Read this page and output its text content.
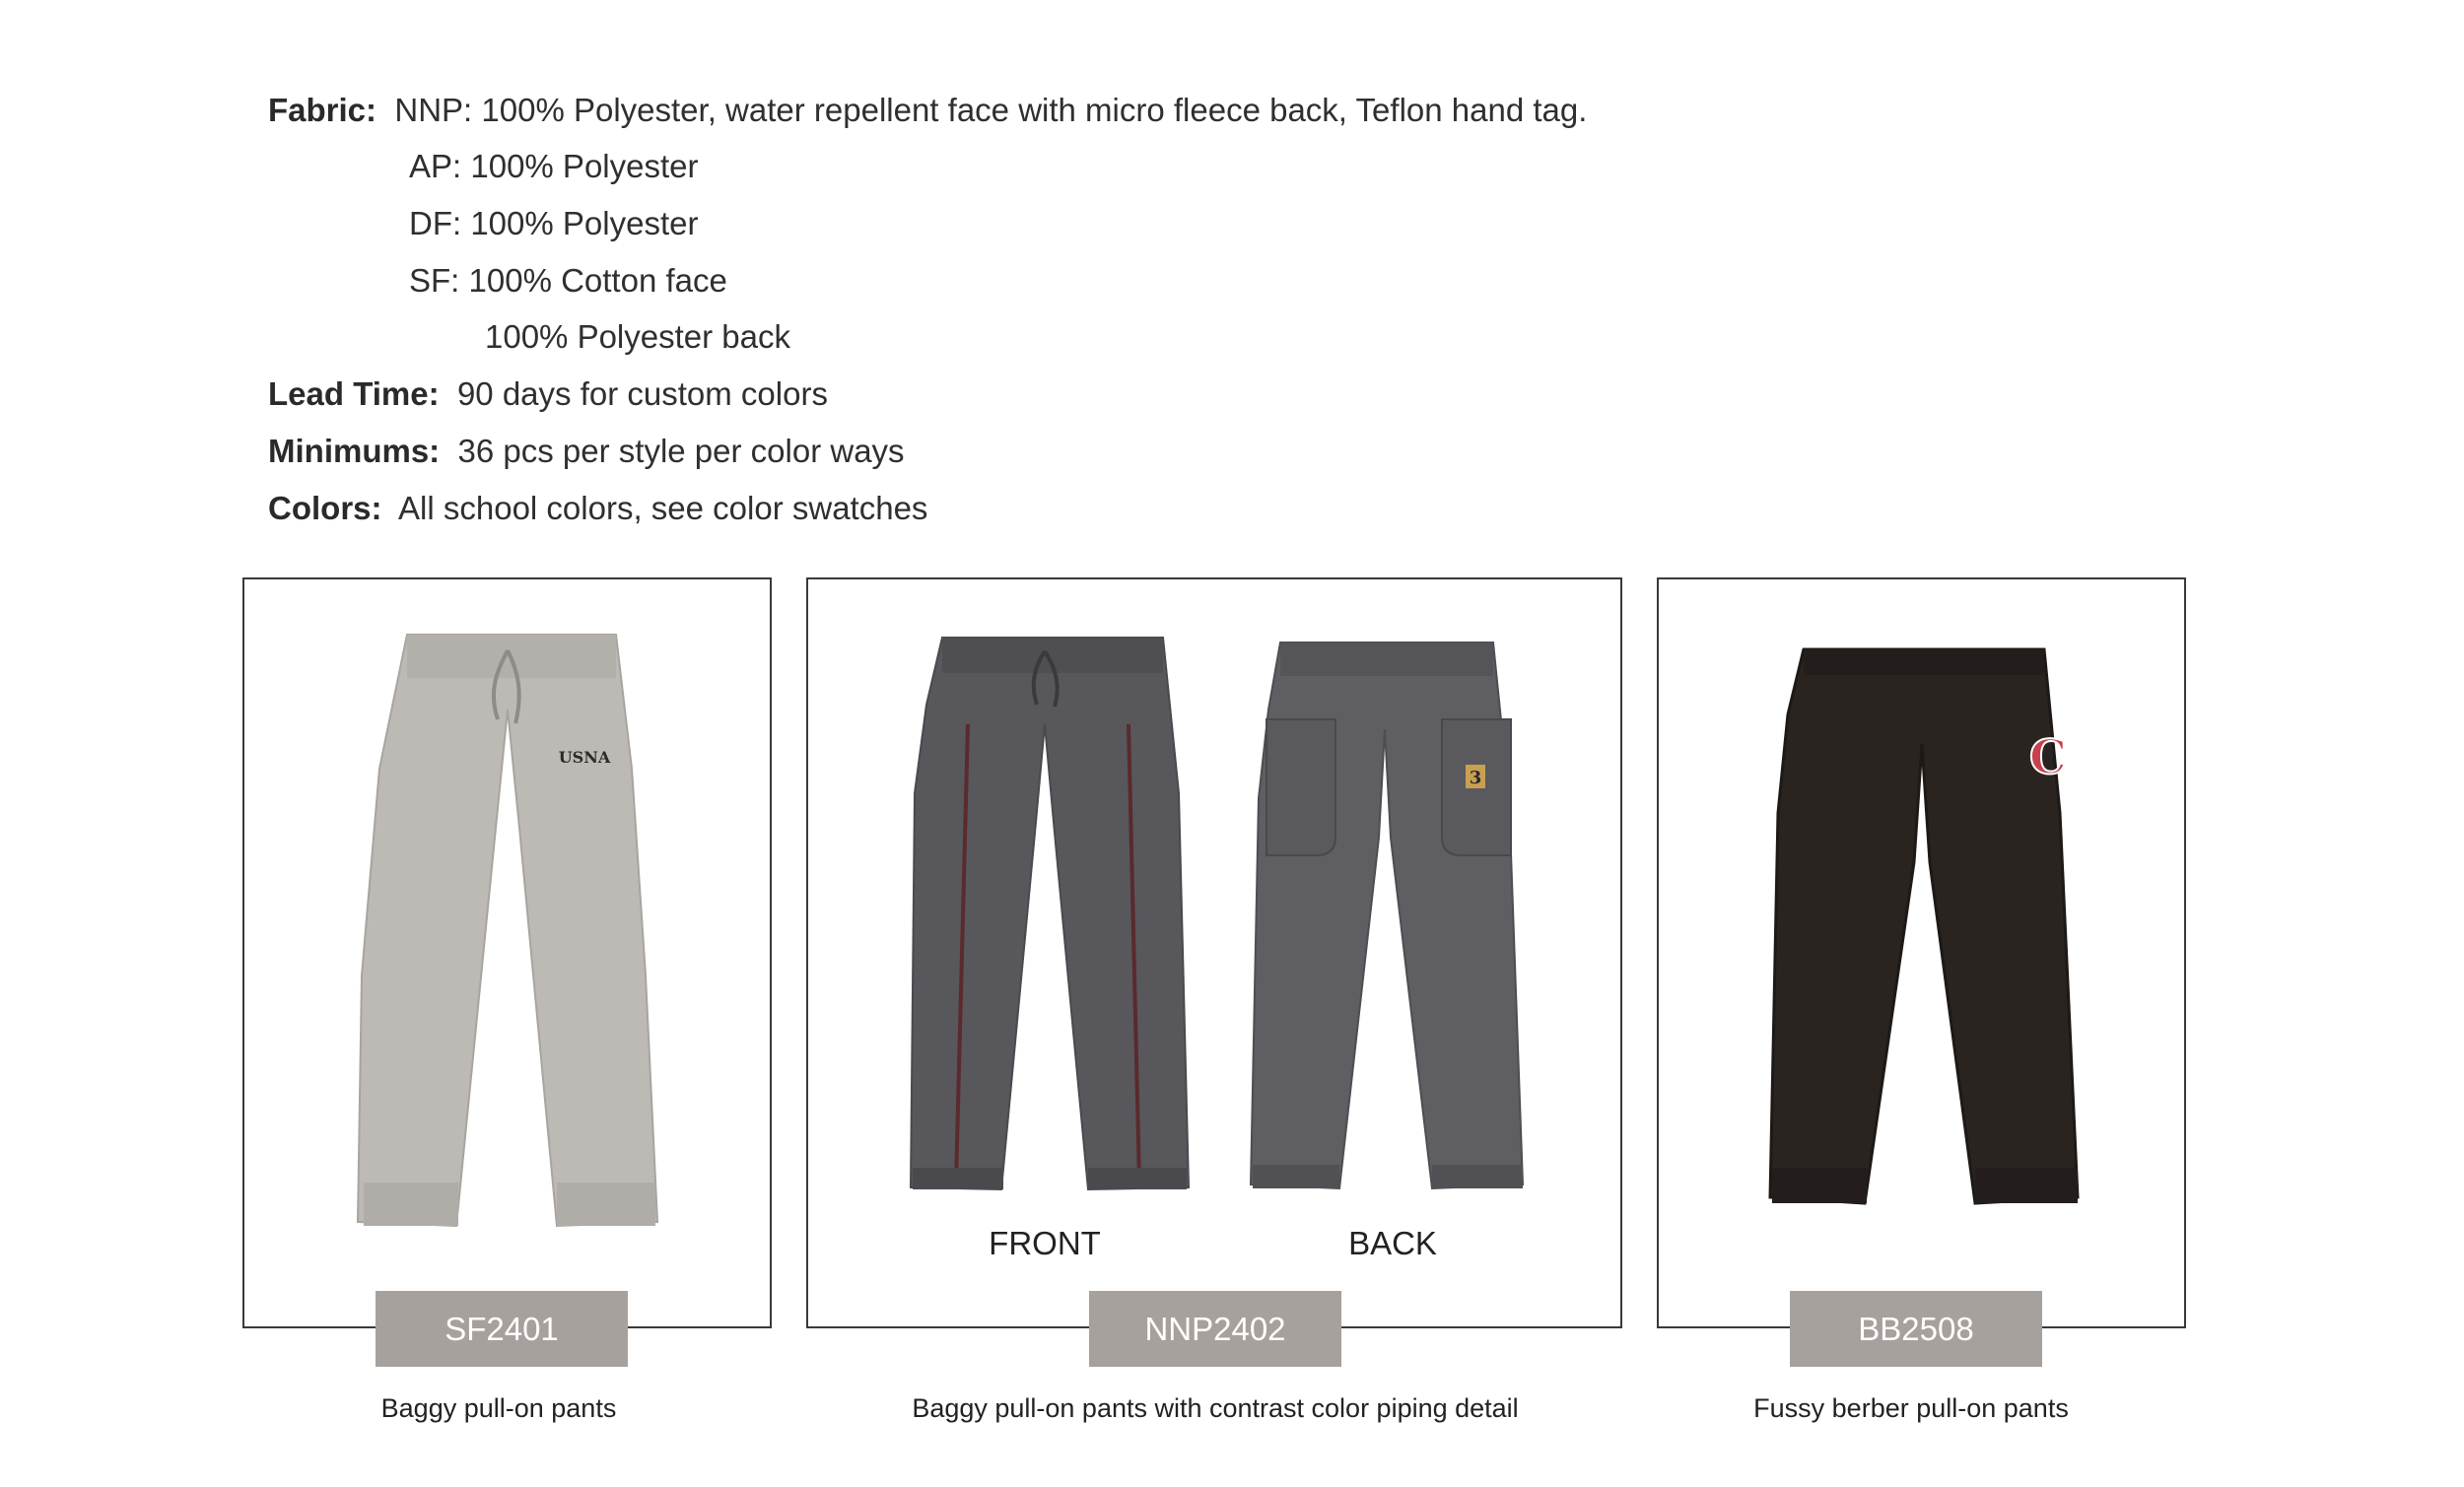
Fabric: NNP: 100% Polyester, water repellent face with micro fleece back, Teflon hand tag.
AP: 100% Polyester
DF: 100% Polyester
SF: 100% Cotton face
100% Polyester back
Lead Time: 90 days for custom colors
Minimums: 36 pcs per style per color ways
Colors: All school colors, see color swatches
USNA
SF2401
Baggy pull-on pants
3
FRONT	BACK
NNP2402
Baggy pull-on pants with contrast color piping detail
C
BB2508
Fussy berber pull-on pants
